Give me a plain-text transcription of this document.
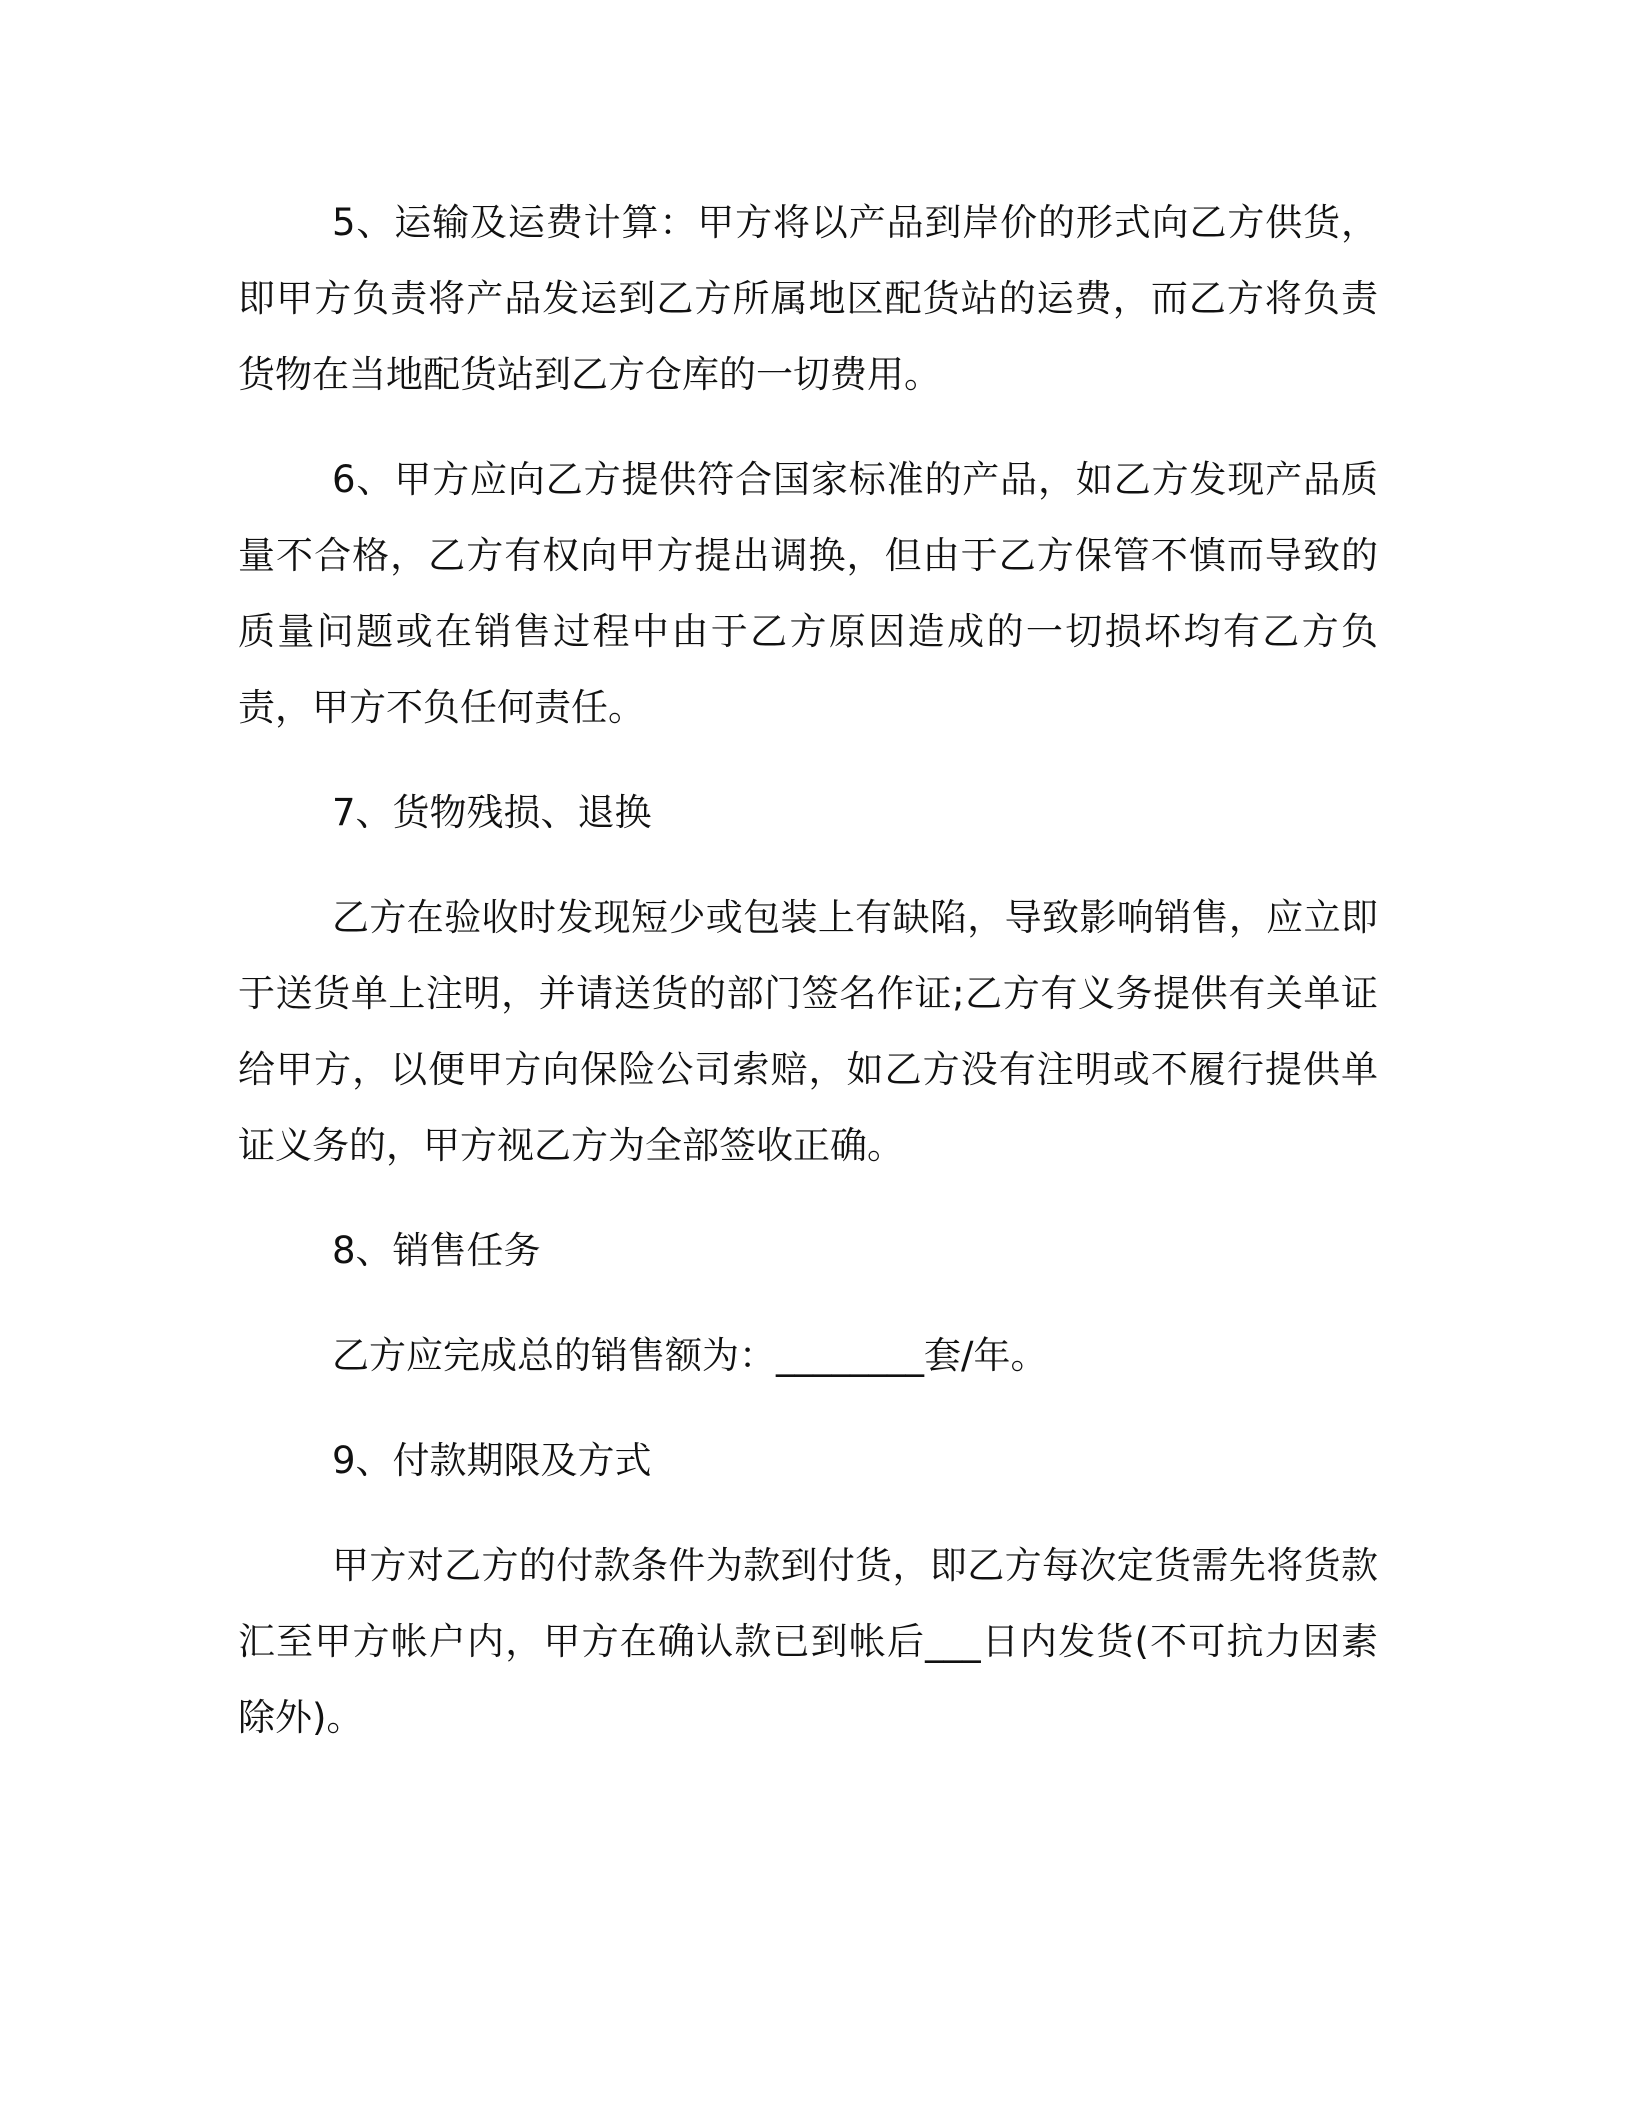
5、运输及运费计算：甲方将以产品到岸价的形式向乙方供货，即甲方负责将产品发运到乙方所属地区配货站的运费，而乙方将负责货物在当地配货站到乙方仓库的一切费用。

6、甲方应向乙方提供符合国家标准的产品，如乙方发现产品质量不合格，乙方有权向甲方提出调换，但由于乙方保管不慎而导致的质量问题或在销售过程中由于乙方原因造成的一切损坏均有乙方负责，甲方不负任何责任。

7、货物残损、退换

乙方在验收时发现短少或包装上有缺陷，导致影响销售，应立即于送货单上注明，并请送货的部门签名作证;乙方有义务提供有关单证给甲方，以便甲方向保险公司索赔，如乙方没有注明或不履行提供单证义务的，甲方视乙方为全部签收正确。

8、销售任务

乙方应完成总的销售额为：________套/年。

9、付款期限及方式

甲方对乙方的付款条件为款到付货，即乙方每次定货需先将货款汇至甲方帐户内，甲方在确认款已到帐后___日内发货(不可抗力因素除外)。
